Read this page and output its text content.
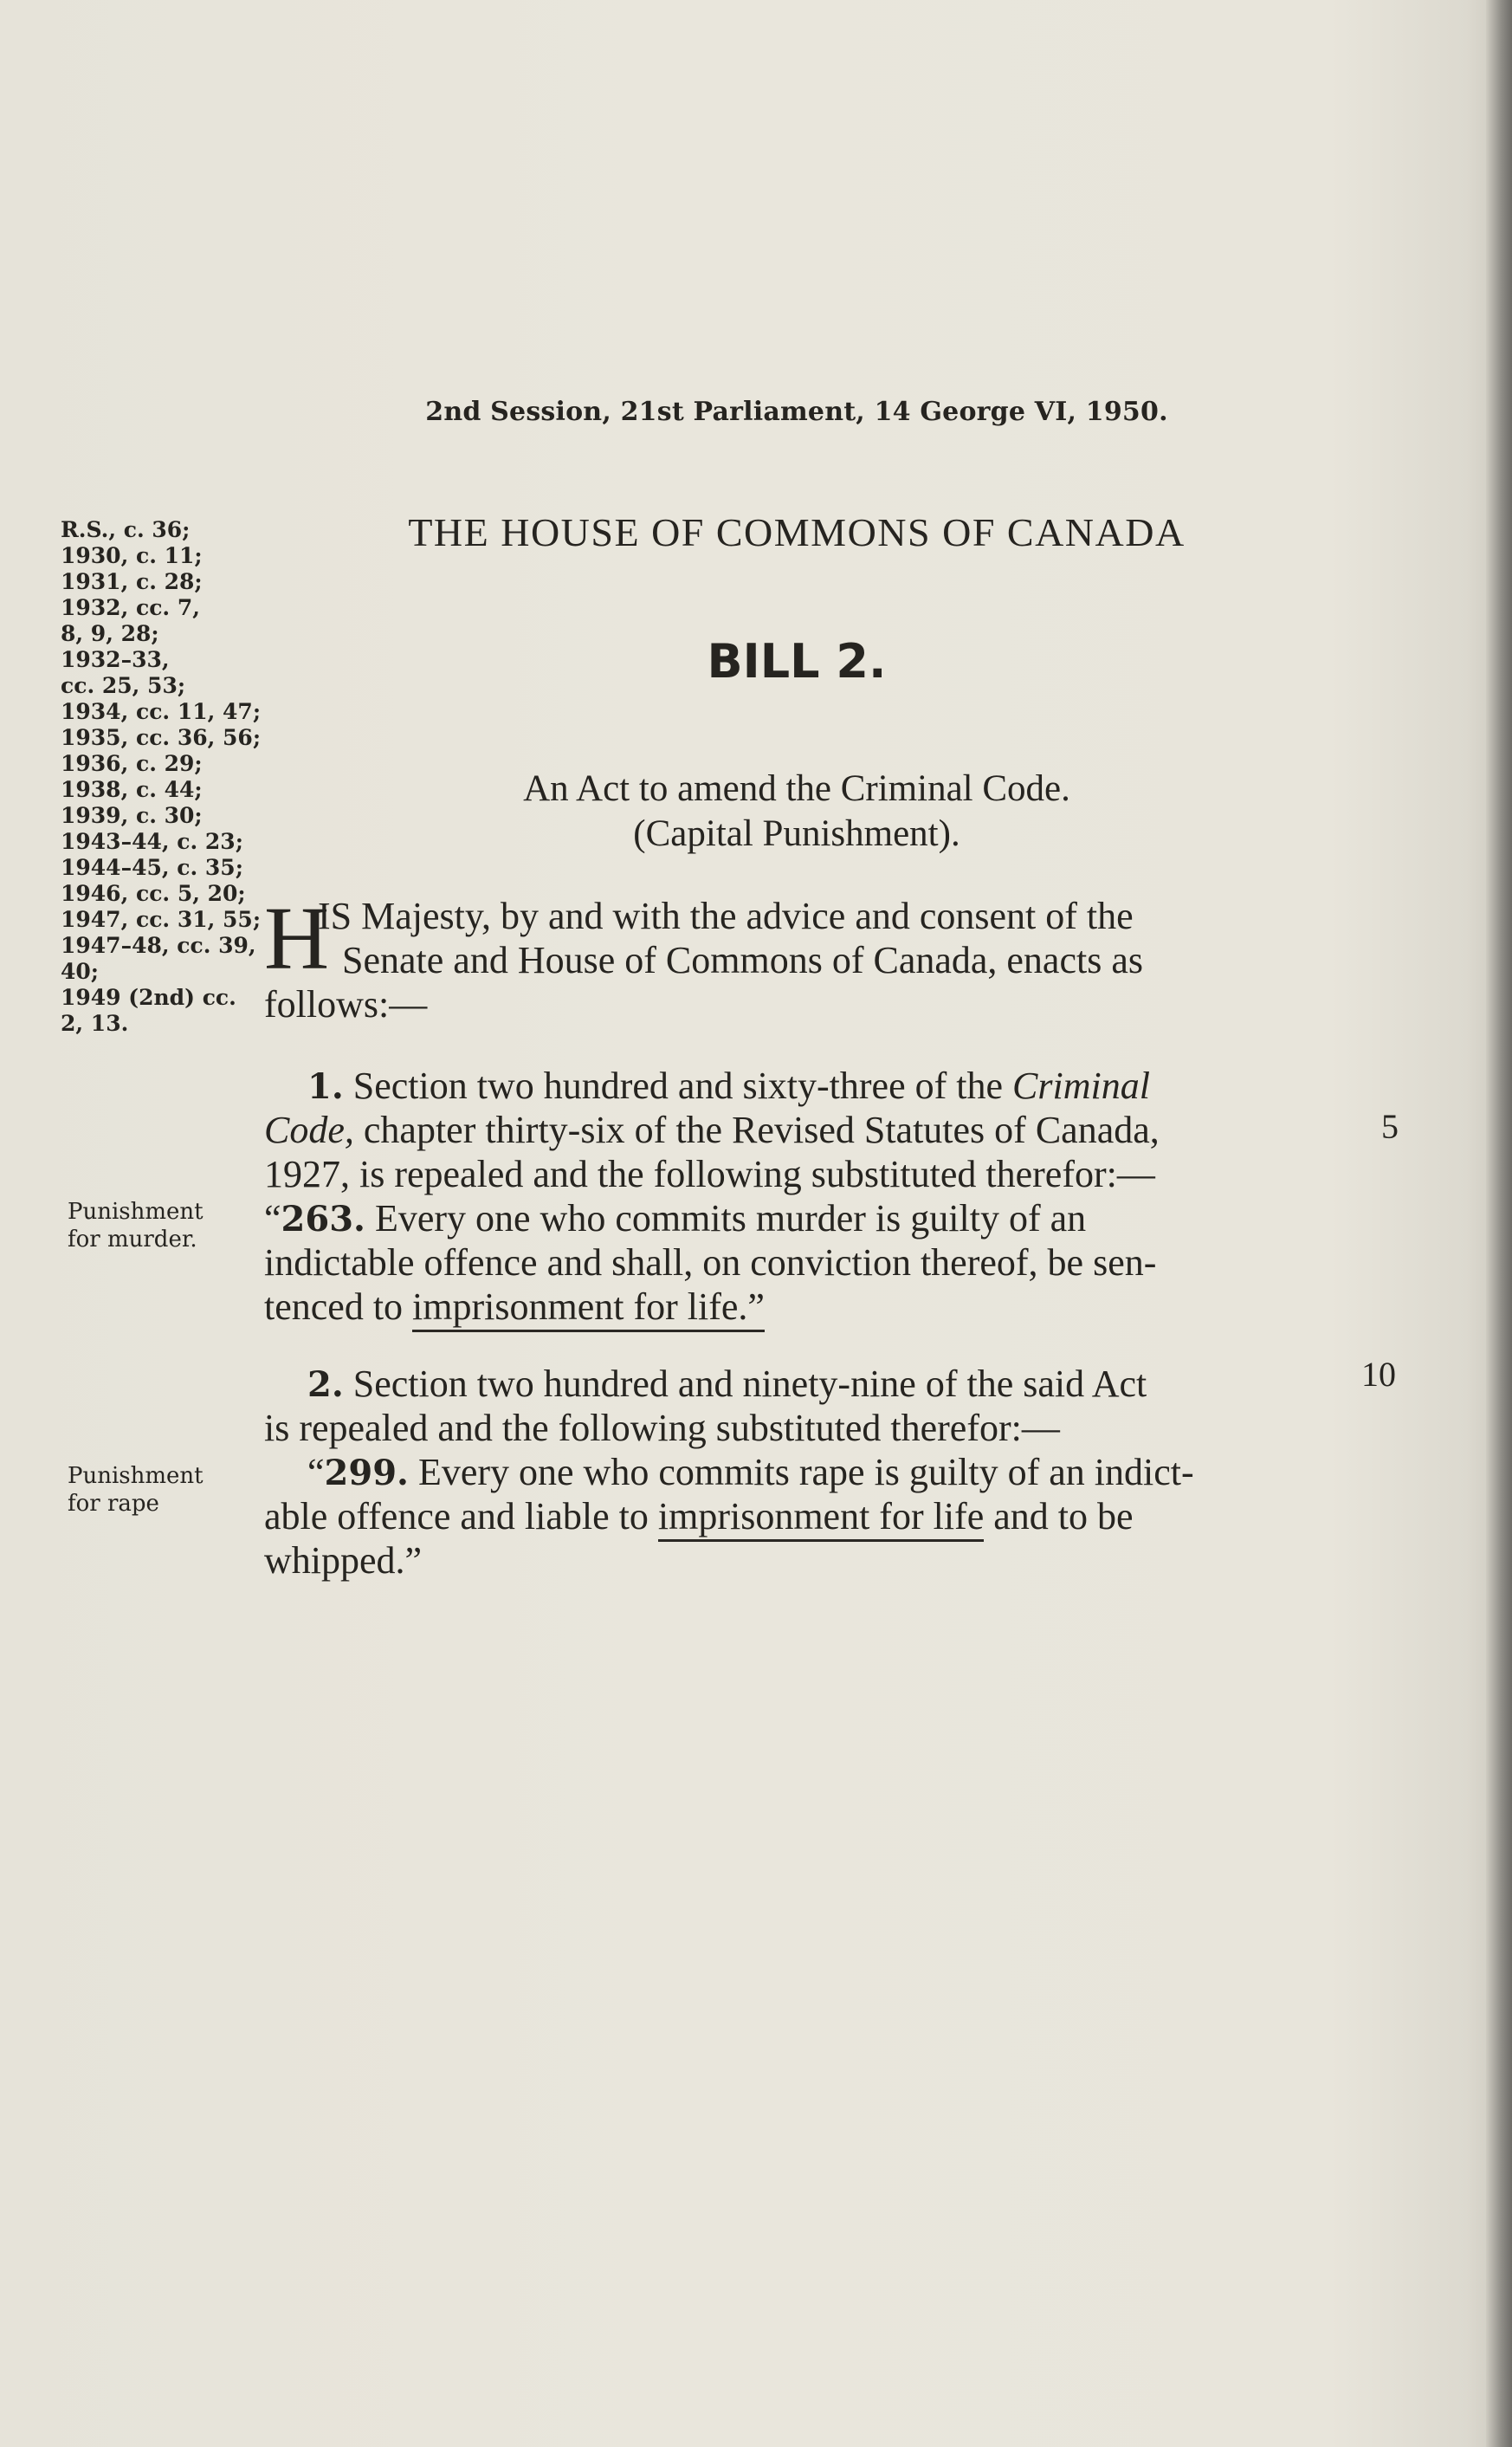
2nd Session, 21st Parliament, 14 George VI, 1950.
THE HOUSE OF COMMONS OF CANADA
BILL 2.
An Act to amend the Criminal Code.
(Capital Punishment).
R.S., c. 36;
1930, c. 11;
1931, c. 28;
1932, cc. 7,
8, 9, 28;
1932–33,
cc. 25, 53;
1934, cc. 11, 47;
1935, cc. 36, 56;
1936, c. 29;
1938, c. 44;
1939, c. 30;
1943–44, c. 23;
1944–45, c. 35;
1946, cc. 5, 20;
1947, cc. 31, 55;
1947–48, cc. 39,
40;
1949 (2nd) cc.
2, 13.
H
IS Majesty, by and with the advice and consent of the
Senate and House of Commons of Canada, enacts as
follows:—
1. Section two hundred and sixty-three of the Criminal
Code, chapter thirty-six of the Revised Statutes of Canada,
1927, is repealed and the following substituted therefor:—
“263. Every one who commits murder is guilty of an
indictable offence and shall, on conviction thereof, be sen-
tenced to imprisonment for life.”
2. Section two hundred and ninety-nine of the said Act
is repealed and the following substituted therefor:—
“299. Every one who commits rape is guilty of an indict-
able offence and liable to imprisonment for life and to be
whipped.”
Punishment
for murder.
Punishment
for rape
5
10
